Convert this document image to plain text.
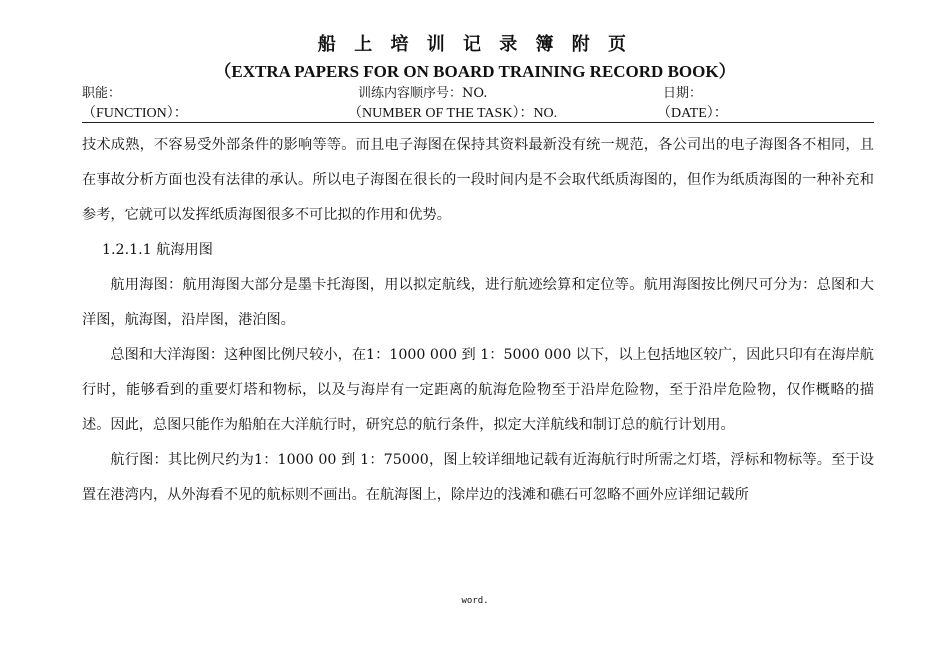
船 上 培 训 记 录 簿 附 页
（EXTRA PAPERS FOR ON BOARD TRAINING RECORD BOOK）
职能：	训练内容顺序号：NO.	日期：
（FUNCTION）：	（NUMBER OF THE TASK）：NO.	（DATE）：

技术成熟，不容易受外部条件的影响等等。而且电子海图在保持其资料最新没有统一规范，各公司出的电子海图各不相同，且在事故分析方面也没有法律的承认。所以电子海图在很长的一段时间内是不会取代纸质海图的，但作为纸质海图的一种补充和参考，它就可以发挥纸质海图很多不可比拟的作用和优势。

1.2.1.1 航海用图

航用海图：航用海图大部分是墨卡托海图，用以拟定航线，进行航迹绘算和定位等。航用海图按比例尺可分为：总图和大洋图，航海图，沿岸图，港泊图。

总图和大洋海图：这种图比例尺较小，在1：1000 000 到 1：5000 000 以下，以上包括地区较广，因此只印有在海岸航行时，能够看到的重要灯塔和物标，以及与海岸有一定距离的航海危险物至于沿岸危险物，至于沿岸危险物，仅作概略的描述。因此，总图只能作为船舶在大洋航行时，研究总的航行条件，拟定大洋航线和制订总的航行计划用。

航行图：其比例尺约为1：1000 00 到 1：75000，图上较详细地记载有近海航行时所需之灯塔，浮标和物标等。至于设置在港湾内，从外海看不见的航标则不画出。在航海图上，除岸边的浅滩和礁石可忽略不画外应详细记载所

word.
